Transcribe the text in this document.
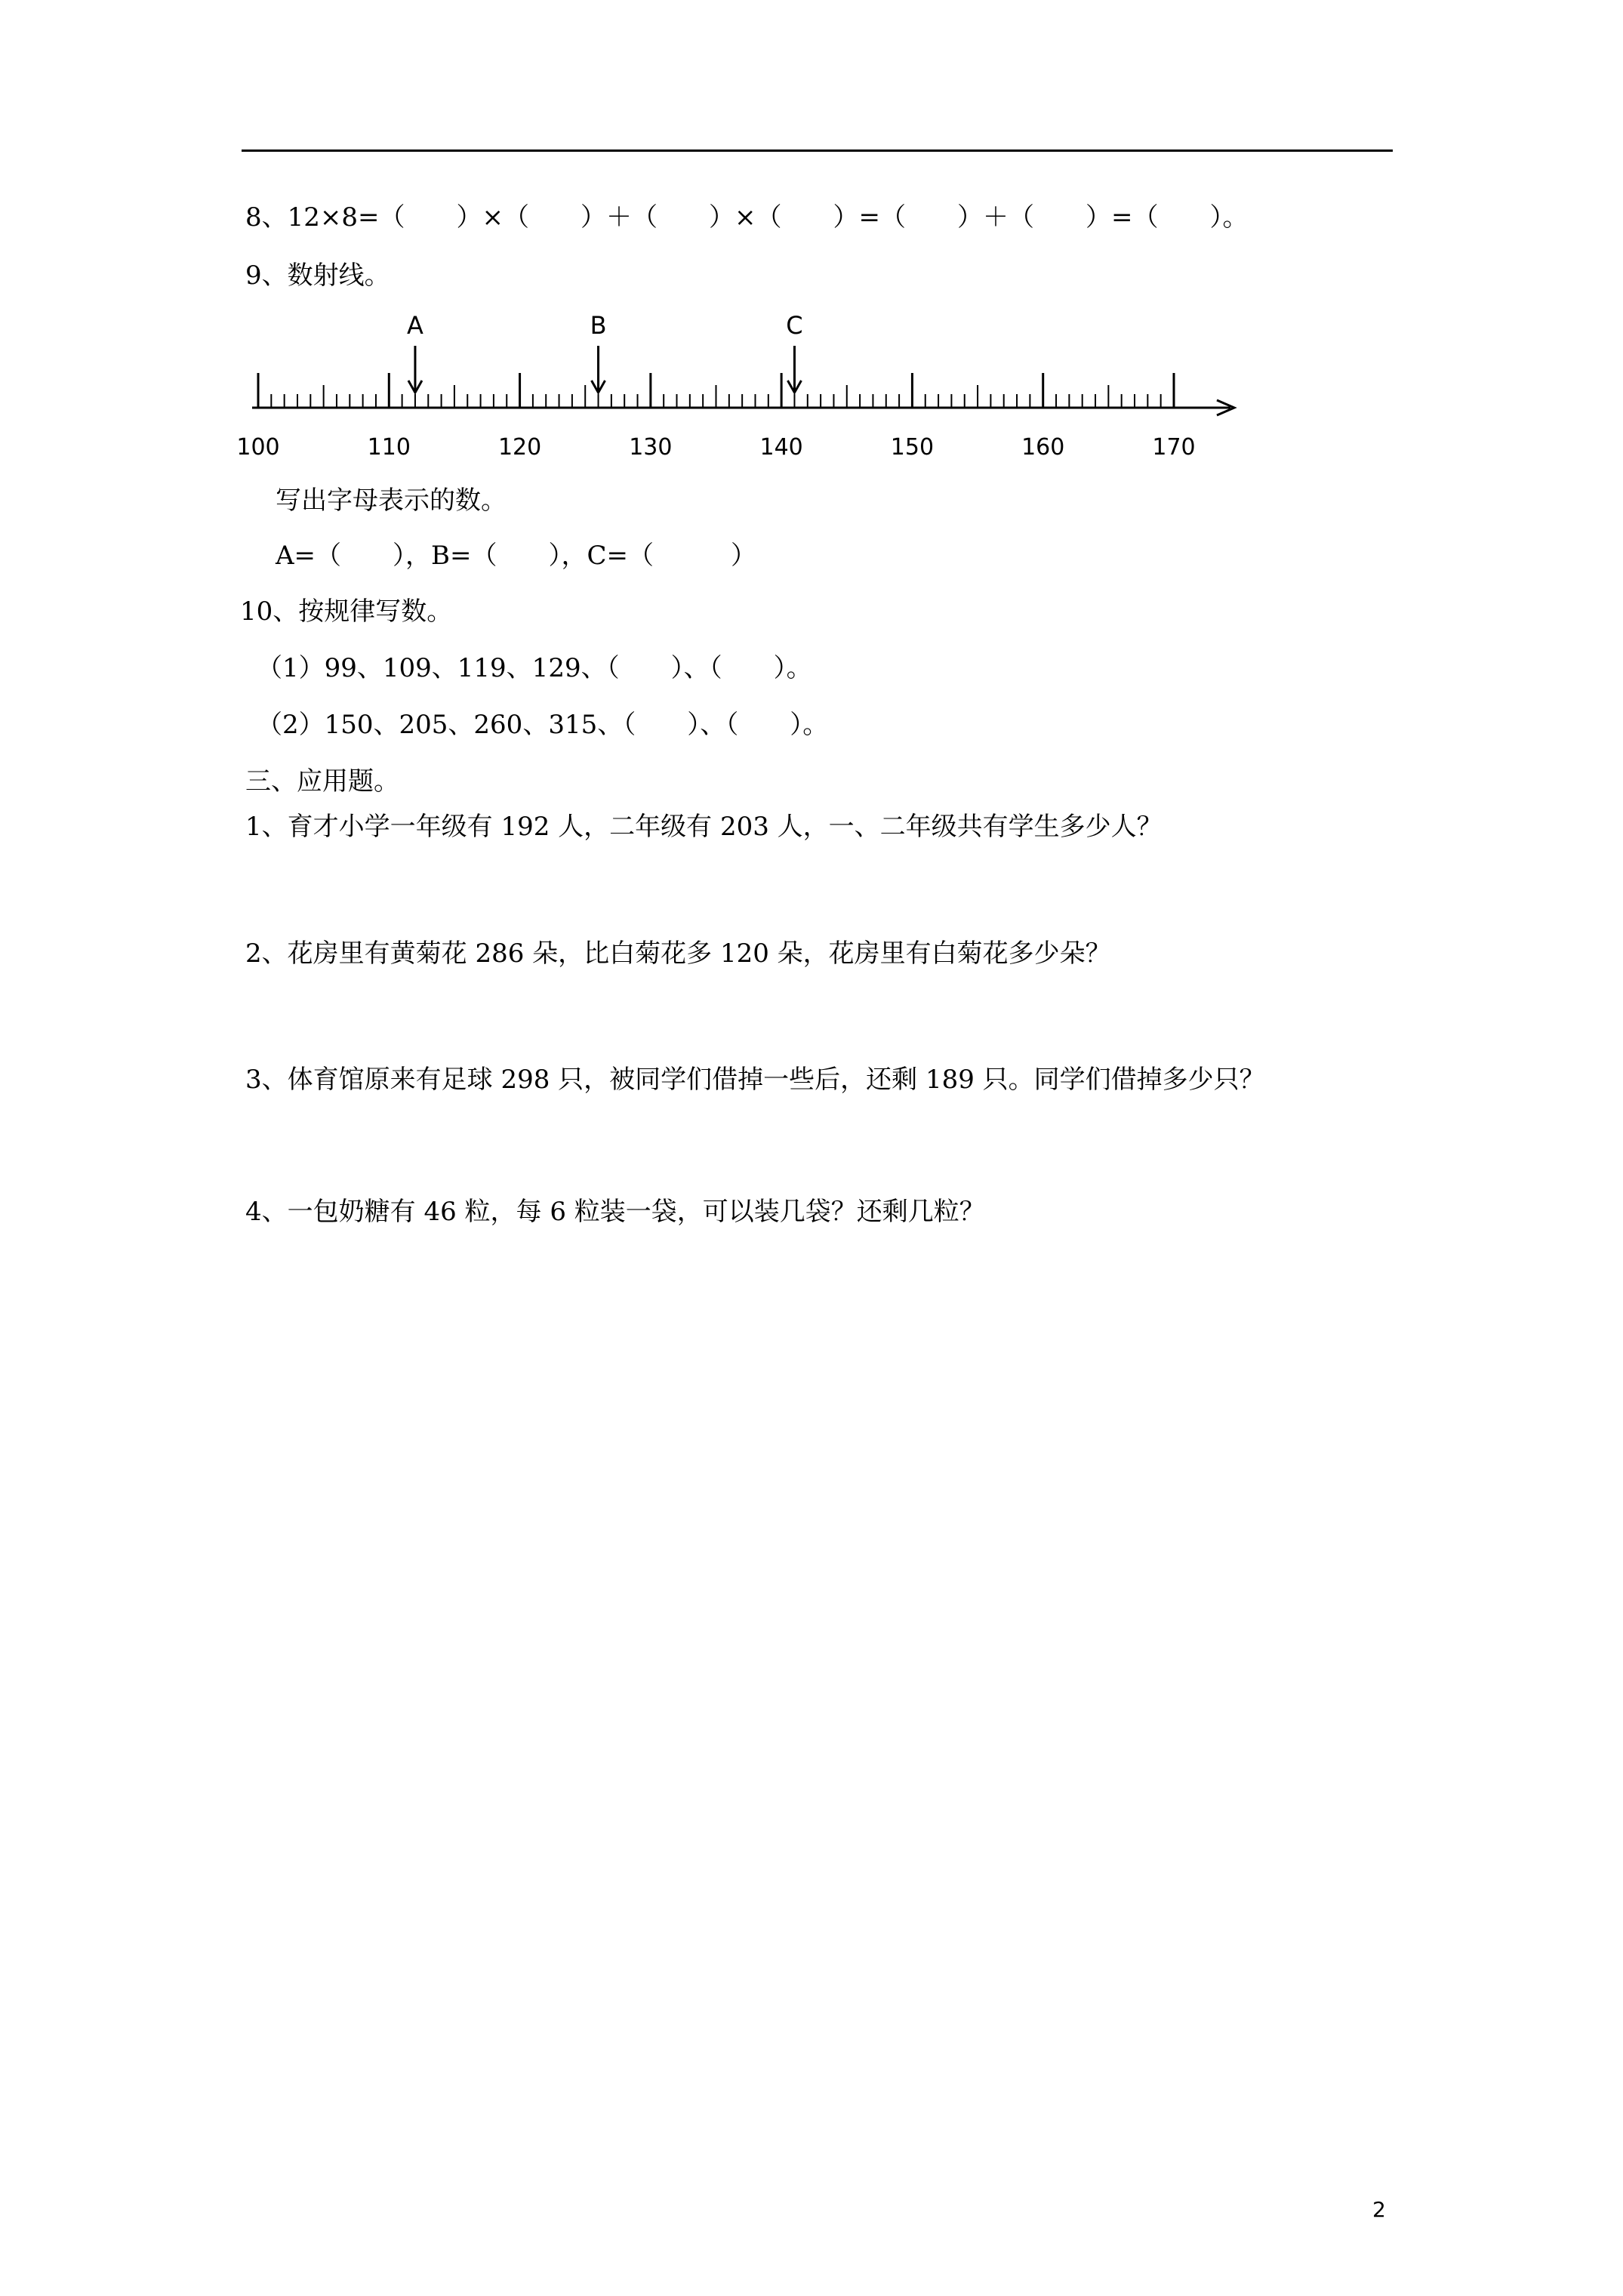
8、12×8=（　　）×（　　）＋（　　）×（　　）=（　　）＋（　　）=（　　）。
9、数射线。
100	110	120	130	140	150	160	170
A	B	C
写出字母表示的数。
A=（　　），B=（　　），C=（　　　）
10、按规律写数。
（1）99、109、119、129、（　　）、（　　）。
（2）150、205、260、315、（　　）、（　　）。
三、应用题。
1、育才小学一年级有 192 人，二年级有 203 人，一、二年级共有学生多少人？
2、花房里有黄菊花 286 朵，比白菊花多 120 朵，花房里有白菊花多少朵？
3、体育馆原来有足球 298 只，被同学们借掉一些后，还剩 189 只。同学们借掉多少只？
4、一包奶糖有 46 粒，每 6 粒装一袋，可以装几袋？还剩几粒？
2
